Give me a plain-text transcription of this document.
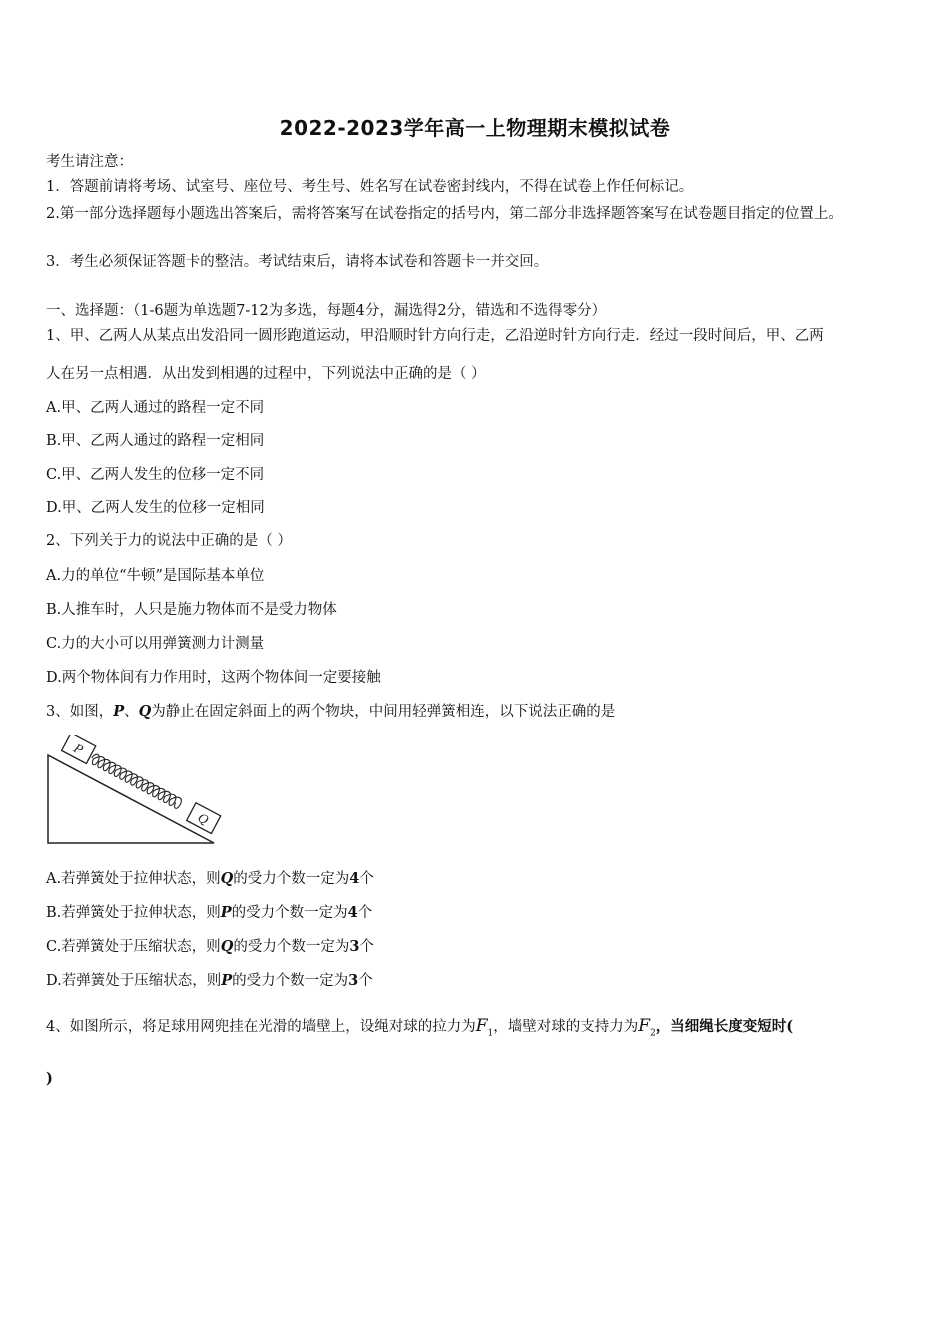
2022-2023学年高一上物理期末模拟试卷
考生请注意：
1．答题前请将考场、试室号、座位号、考生号、姓名写在试卷密封线内，不得在试卷上作任何标记。
2.第一部分选择题每小题选出答案后，需将答案写在试卷指定的括号内，第二部分非选择题答案写在试卷题目指定的位置上。
3．考生必须保证答题卡的整洁。考试结束后，请将本试卷和答题卡一并交回。
一、选择题：（1-6题为单选题7-12为多选，每题4分，漏选得2分，错选和不选得零分）
1、甲、乙两人从某点出发沿同一圆形跑道运动，甲沿顺时针方向行走，乙沿逆时针方向行走．经过一段时间后，甲、乙两
人在另一点相遇．从出发到相遇的过程中，下列说法中正确的是（ ）
A.甲、乙两人通过的路程一定不同
B.甲、乙两人通过的路程一定相同
C.甲、乙两人发生的位移一定不同
D.甲、乙两人发生的位移一定相同
2、下列关于力的说法中正确的是（ ）
A.力的单位“牛顿”是国际基本单位
B.人推车时，人只是施力物体而不是受力物体
C.力的大小可以用弹簧测力计测量
D.两个物体间有力作用时，这两个物体间一定要接触
3、如图，P、Q为静止在固定斜面上的两个物块，中间用轻弹簧相连，以下说法正确的是
P
Q
A.若弹簧处于拉伸状态，则Q的受力个数一定为4个
B.若弹簧处于拉伸状态，则P的受力个数一定为4个
C.若弹簧处于压缩状态，则Q的受力个数一定为3个
D.若弹簧处于压缩状态，则P的受力个数一定为3个
4、如图所示，将足球用网兜挂在光滑的墙壁上，设绳对球的拉力为$F_1$，墙壁对球的支持力为$F_2$，当细绳长度变短时(
)
